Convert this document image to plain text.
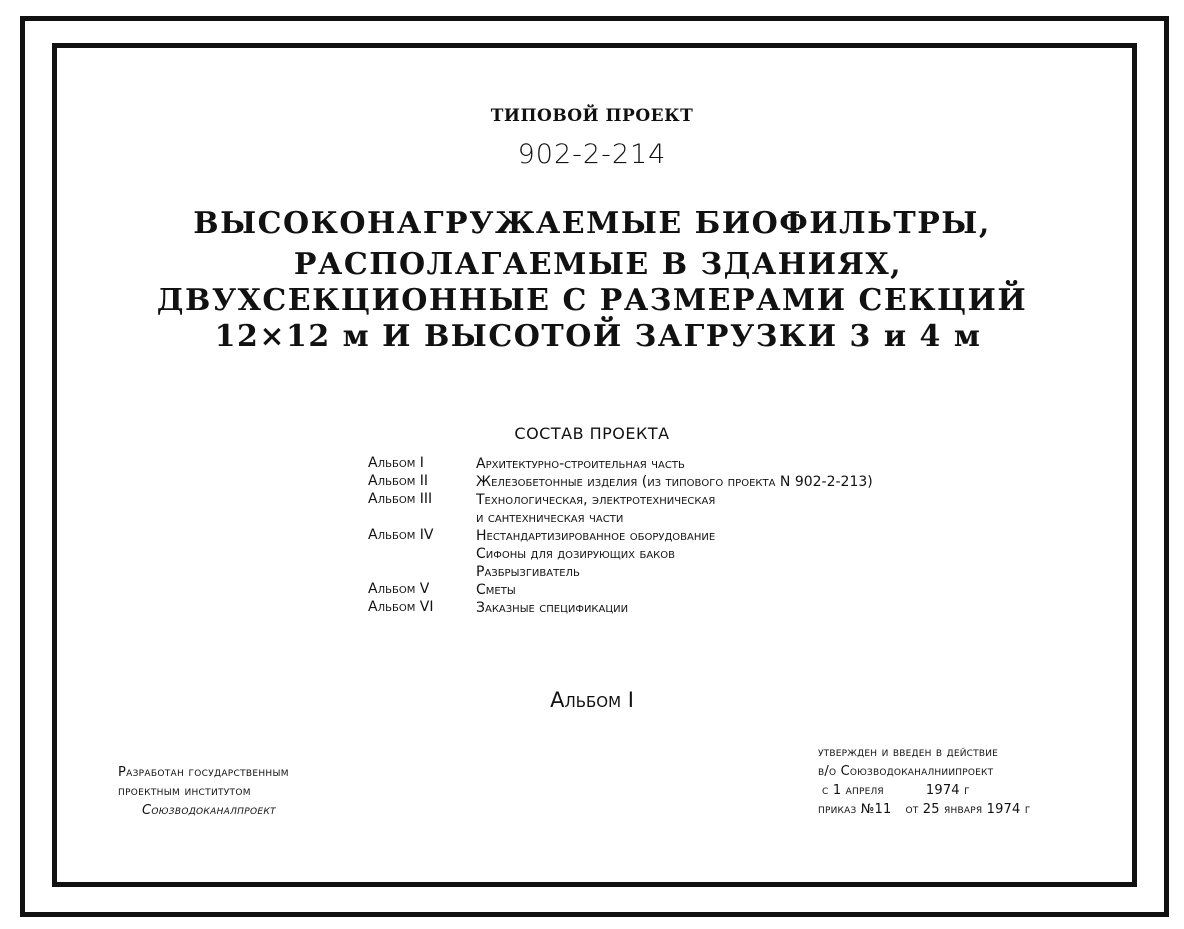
ТИПОВОЙ ПРОЕКТ
902-2-214
ВЫСОКОНАГРУЖАЕМЫЕ БИОФИЛЬТРЫ,
РАСПОЛАГАЕМЫЕ В ЗДАНИЯХ,
ДВУХСЕКЦИОННЫЕ С РАЗМЕРАМИ СЕКЦИЙ
12×12 м И ВЫСОТОЙ ЗАГРУЗКИ 3 и 4 м
СОСТАВ ПРОЕКТА
Альбом I	Архитектурно-строительная часть
Альбом II	Железобетонные изделия (из типового проекта N 902-2-213)
Альбом III	Технологическая, электротехническая
и сантехническая части
Альбом IV	Нестандартизированное оборудование
Сифоны для дозирующих баков
Разбрызгиватель
Альбом V	Сметы
Альбом VI	Заказные спецификации
Альбом I
Разработан государственным
проектным институтом
Союзводоканалпроект
утвержден и введен в действие
в/о Союзводоканалниипроект
с 1 апреля	1974 г
приказ №11 от 25 января 1974 г
